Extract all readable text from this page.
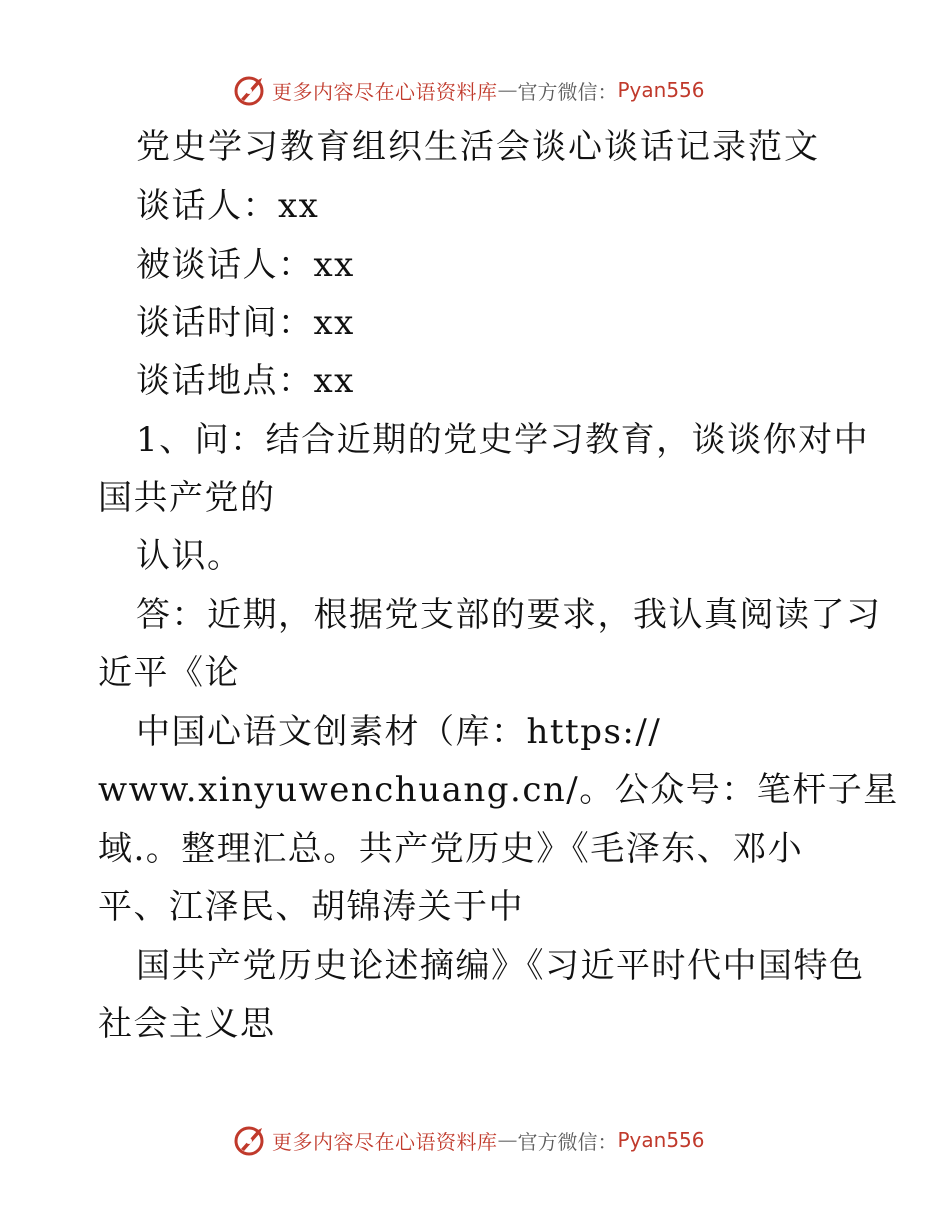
更多内容尽在心语资料库 — 官方微信： Pyan556
党史学习教育组织生活会谈心谈话记录范文
谈话人：xx
被谈话人：xx
谈话时间：xx
谈话地点：xx
1、问：结合近期的党史学习教育，谈谈你对中
国共产党的
认识。
答：近期，根据党支部的要求，我认真阅读了习
近平《论
中国心语文创素材（库：https://
www.xinyuwenchuang.cn/。公众号：笔杆子星
域.。整理汇总。共产党历史》《毛泽东、邓小
平、江泽民、胡锦涛关于中
国共产党历史论述摘编》《习近平时代中国特色
社会主义思
更多内容尽在心语资料库 — 官方微信： Pyan556
